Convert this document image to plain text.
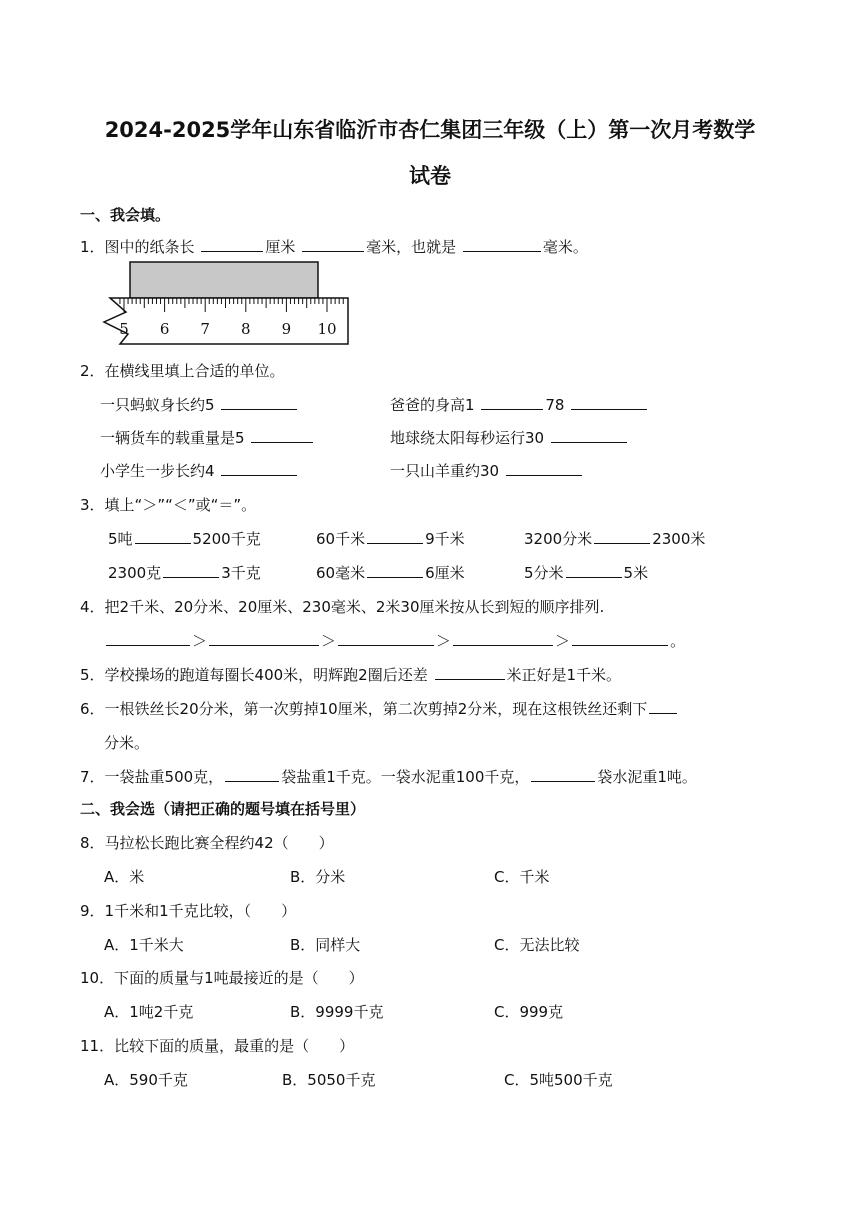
2024-2025学年山东省临沂市杏仁集团三年级（上）第一次月考数学
试卷
一、我会填。
1．图中的纸条长	厘米	毫米，也就是	毫米。
5 6 7 8 9 10
2．在横线里填上合适的单位。
一只蚂蚁身长约5	爸爸的身高1	78
一辆货车的载重量是5	地球绕太阳每秒运行30
小学生一步长约4	一只山羊重约30
3．填上“＞”“＜”或“＝”。
5吨	5200千克	60千米	9千米	3200分米	2300米
2300克	3千克	60毫米	6厘米	5分米	5米
4．把2千米、20分米、20厘米、230毫米、2米30厘米按从长到短的顺序排列.
＞	＞	＞	＞	。
5．学校操场的跑道每圈长400米，明辉跑2圈后还差	米正好是1千米。
6．一根铁丝长20分米，第一次剪掉10厘米，第二次剪掉2分米，现在这根铁丝还剩下
分米。
7．一袋盐重500克，	袋盐重1千克。一袋水泥重100千克，	袋水泥重1吨。
二、我会选（请把正确的题号填在括号里）
8．马拉松长跑比赛全程约42（　　）
A．米	B．分米	C．千米
9．1千米和1千克比较，（　　）
A．1千米大	B．同样大	C．无法比较
10．下面的质量与1吨最接近的是（　　）
A．1吨2千克	B．9999千克	C．999克
11．比较下面的质量，最重的是（　　）
A．590千克	B．5050千克	C．5吨500千克
